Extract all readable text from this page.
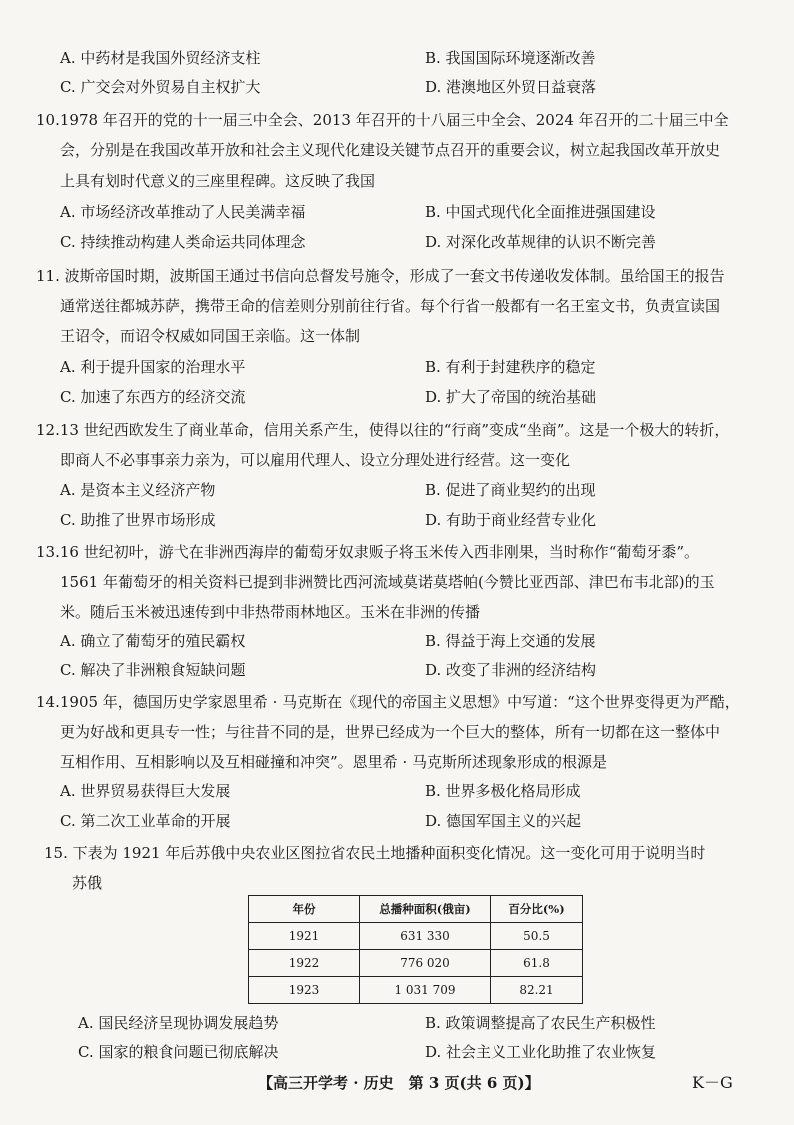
A. 中药材是我国外贸经济支柱	B. 我国国际环境逐渐改善
C. 广交会对外贸易自主权扩大	D. 港澳地区外贸日益衰落
10.1978 年召开的党的十一届三中全会、2013 年召开的十八届三中全会、2024 年召开的二十届三中全
会，分别是在我国改革开放和社会主义现代化建设关键节点召开的重要会议，树立起我国改革开放史
上具有划时代意义的三座里程碑。这反映了我国
A. 市场经济改革推动了人民美满幸福	B. 中国式现代化全面推进强国建设
C. 持续推动构建人类命运共同体理念	D. 对深化改革规律的认识不断完善
11. 波斯帝国时期，波斯国王通过书信向总督发号施令，形成了一套文书传递收发体制。虽给国王的报告
通常送往都城苏萨，携带王命的信差则分别前往行省。每个行省一般都有一名王室文书，负责宣读国
王诏令，而诏令权威如同国王亲临。这一体制
A. 利于提升国家的治理水平	B. 有利于封建秩序的稳定
C. 加速了东西方的经济交流	D. 扩大了帝国的统治基础
12.13 世纪西欧发生了商业革命，信用关系产生，使得以往的“行商”变成“坐商”。这是一个极大的转折，
即商人不必事事亲力亲为，可以雇用代理人、设立分理处进行经营。这一变化
A. 是资本主义经济产物	B. 促进了商业契约的出现
C. 助推了世界市场形成	D. 有助于商业经营专业化
13.16 世纪初叶，游弋在非洲西海岸的葡萄牙奴隶贩子将玉米传入西非刚果，当时称作“葡萄牙黍”。
1561 年葡萄牙的相关资料已提到非洲赞比西河流域莫诺莫塔帕(今赞比亚西部、津巴布韦北部)的玉
米。随后玉米被迅速传到中非热带雨林地区。玉米在非洲的传播
A. 确立了葡萄牙的殖民霸权	B. 得益于海上交通的发展
C. 解决了非洲粮食短缺问题	D. 改变了非洲的经济结构
14.1905 年，德国历史学家恩里希 · 马克斯在《现代的帝国主义思想》中写道：“这个世界变得更为严酷，
更为好战和更具专一性；与往昔不同的是，世界已经成为一个巨大的整体，所有一切都在这一整体中
互相作用、互相影响以及互相碰撞和冲突”。恩里希 · 马克斯所述现象形成的根源是
A. 世界贸易获得巨大发展	B. 世界多极化格局形成
C. 第二次工业革命的开展	D. 德国军国主义的兴起
15. 下表为 1921 年后苏俄中央农业区图拉省农民土地播种面积变化情况。这一变化可用于说明当时
苏俄
年份	总播种面积(俄亩)	百分比(%)
1921	631 330	50.5
1922	776 020	61.8
1923	1 031 709	82.21
A. 国民经济呈现协调发展趋势	B. 政策调整提高了农民生产积极性
C. 国家的粮食问题已彻底解决	D. 社会主义工业化助推了农业恢复
【高三开学考 · 历史　第 3 页(共 6 页)】	K－G
